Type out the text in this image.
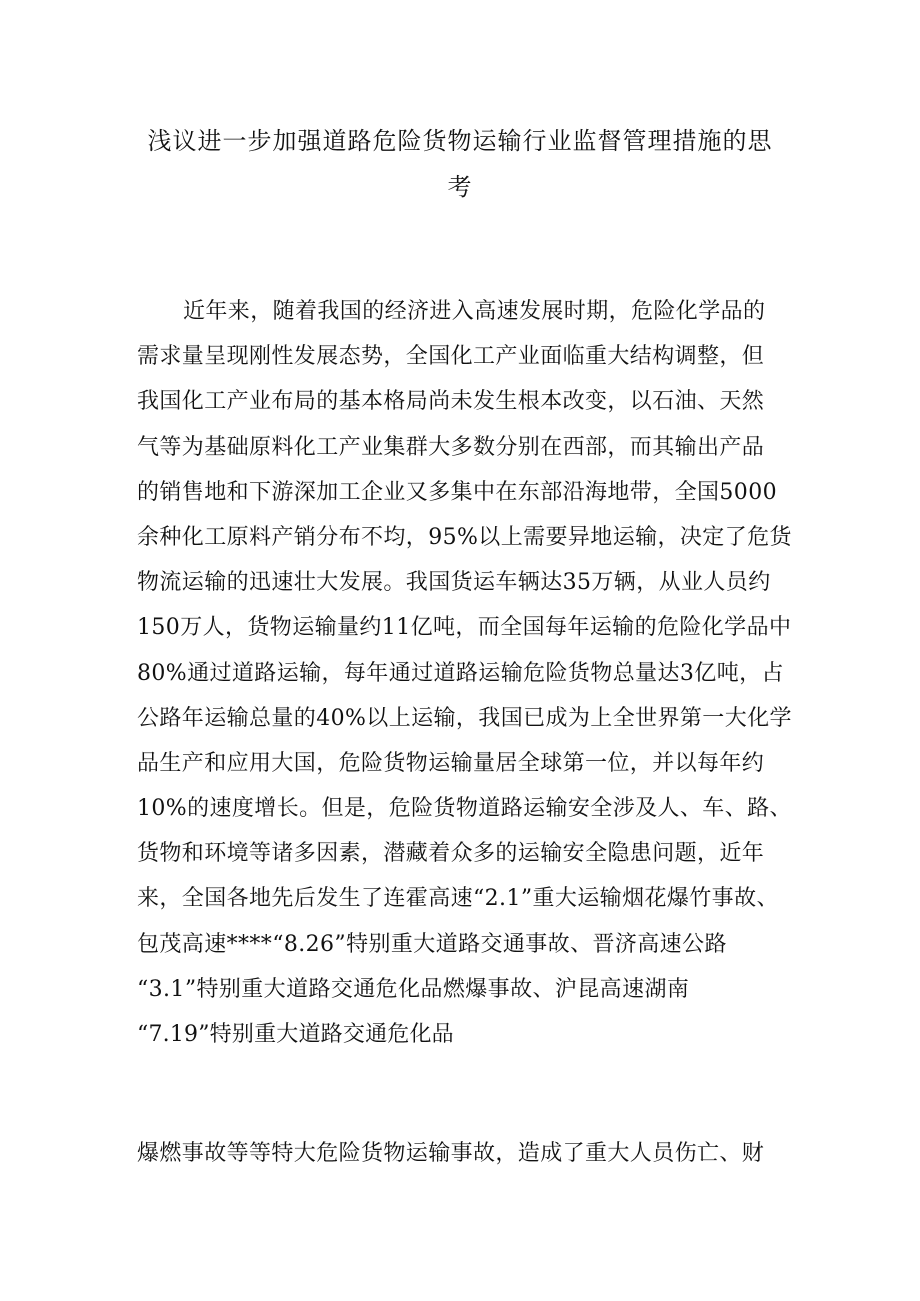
浅议进一步加强道路危险货物运输行业监督管理措施的思
考
近年来，随着我国的经济进入高速发展时期，危险化学品的
需求量呈现刚性发展态势，全国化工产业面临重大结构调整，但
我国化工产业布局的基本格局尚未发生根本改变，以石油、天然
气等为基础原料化工产业集群大多数分别在西部，而其输出产品
的销售地和下游深加工企业又多集中在东部沿海地带，全国5000
余种化工原料产销分布不均，95%以上需要异地运输，决定了危货
物流运输的迅速壮大发展。我国货运车辆达35万辆，从业人员约
150万人，货物运输量约11亿吨，而全国每年运输的危险化学品中
80%通过道路运输，每年通过道路运输危险货物总量达3亿吨，占
公路年运输总量的40%以上运输，我国已成为上全世界第一大化学
品生产和应用大国，危险货物运输量居全球第一位，并以每年约
10%的速度增长。但是，危险货物道路运输安全涉及人、车、路、
货物和环境等诸多因素，潜藏着众多的运输安全隐患问题，近年
来，全国各地先后发生了连霍高速“2.1”重大运输烟花爆竹事故、
包茂高速****“8.26”特别重大道路交通事故、晋济高速公路
“3.1”特别重大道路交通危化品燃爆事故、沪昆高速湖南
“7.19”特别重大道路交通危化品

爆燃事故等等特大危险货物运输事故，造成了重大人员伤亡、财
